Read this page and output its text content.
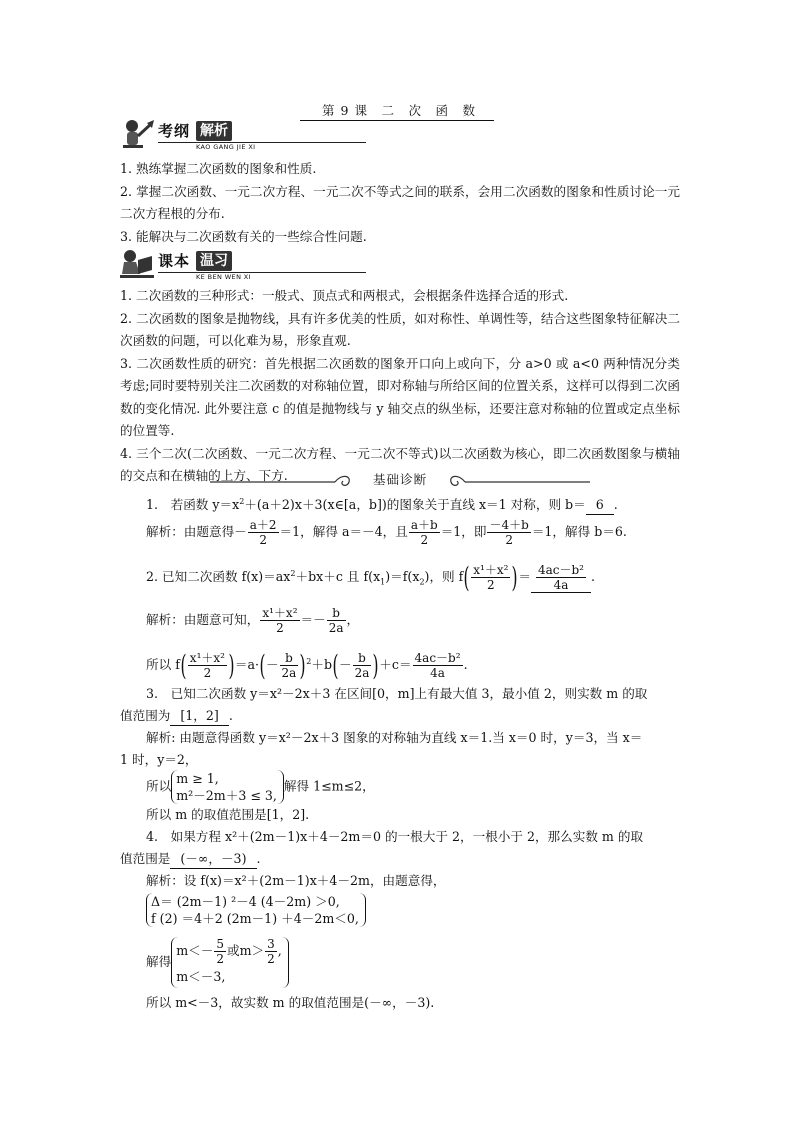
第 9 课　二　次　函　数
考纲 解析
KAO GANG JIE XI

1. 熟练掌握二次函数的图象和性质.

2. 掌握二次函数、一元二次方程、一元二次不等式之间的联系，会用二次函数的图象和性质讨论一元二次方程根的分布.

3. 能解决与二次函数有关的一些综合性问题.

课本 温习
KE BEN WEN XI

1. 二次函数的三种形式：一般式、顶点式和两根式，会根据条件选择合适的形式.

2. 二次函数的图象是抛物线，具有许多优美的性质，如对称性、单调性等，结合这些图象特征解决二次函数的问题，可以化难为易，形象直观.

3. 二次函数性质的研究：首先根据二次函数的图象开口向上或向下，分 a>0 或 a<0 两种情况分类考虑;同时要特别关注二次函数的对称轴位置，即对称轴与所给区间的位置关系，这样可以得到二次函数的变化情况. 此外要注意 c 的值是抛物线与 y 轴交点的纵坐标，还要注意对称轴的位置或定点坐标的位置等.

4. 三个二次(二次函数、一元二次方程、一元二次不等式)以二次函数为核心，即二次函数图象与横轴的交点和在横轴的上方、下方.	基础诊断
1.　若函数 $y=x^2+(a+2)x+3(x\in[a$，b])的图象关于直线 x＝1 对称，则 b＝ 6 .
解析：由题意得－ $\frac{a+2}{2} =1$，解得 a＝－4，且 $\frac{a+b}{2} =1$，即 $\frac{-4+b}{2} =1$，解得 b＝6.
2. 已知二次函数 $f(x)=ax^2+bx+c$ 且 $f(x_1)=f(x_2)$，则 $f( \frac{\text{x¹＋x²}}{2}$ )＝ $\frac{\text{4ac－b²}}{4a}$ .
解析：由题意可知， $\frac{\text{x¹＋x²}}{2} =- \frac{b}{2a}$ ，
所以 $f( \frac{\text{x¹＋x²}}{2} )=a\cdot(- \frac{b}{2a} )^2+b(- \frac{b}{2a} )+c= \frac{\text{4ac－b²}}{4a}$ .
3.　已知二次函数 y＝x²－2x＋3 在区间[0，m]上有最大值 3，最小值 2，则实数 m 的取
值范围为 [1，2] .
解析: 由题意得函数 y＝x²－2x＋3 图象的对称轴为直线 x＝1.当 x＝0 时，y＝3，当 x＝
1 时，y＝2，
所以 m ≥ 1,
m²－2m＋3 ≤ 3,
解得 1≤m≤2，
所以 m 的取值范围是[1，2].
4.　如果方程 x²＋(2m－1)x＋4－2m＝0 的一根大于 2，一根小于 2，那么实数 m 的取
值范围是 (－∞，－3) .
解析：设 f(x)＝x²＋(2m－1)x＋4－2m，由题意得，
Δ＝ (2m－1) ²－4 (4－2m) ＞0,
f (2) ＝4＋2 (2m－1) ＋4－2m＜0,
解得
$m<- \frac{5}{2}$ 或$m> \frac{3}{2}$ ,
m＜－3,
所以 m<－3，故实数 m 的取值范围是(－∞，－3).
